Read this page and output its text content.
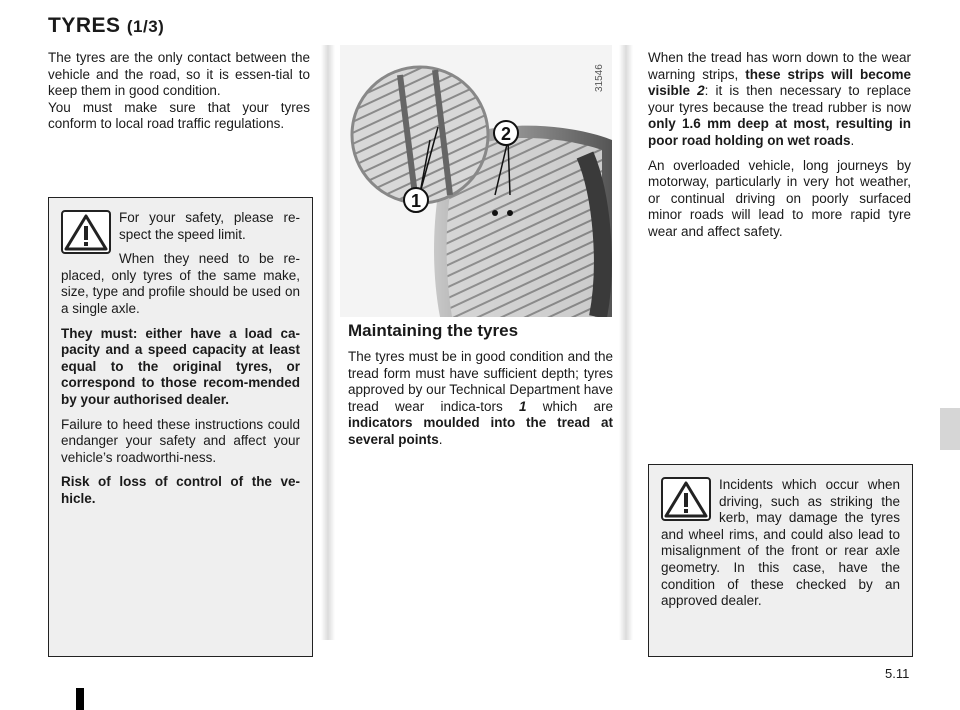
TYRES (1/3)

The tyres are the only contact between the vehicle and the road, so it is essen-tial to keep them in good condition.

You must make sure that your tyres conform to local road traffic regulations.

For your safety, please re-spect the speed limit.

When they need to be re-placed, only tyres of the same make, size, type and profile should be used on a single axle.

They must: either have a load ca-pacity and a speed capacity at least equal to the original tyres, or correspond to those recom-mended by your authorised dealer.

Failure to heed these instructions could endanger your safety and affect your vehicle’s roadworthi-ness.

Risk of loss of control of the ve-hicle.

2
1
31546
Maintaining the tyres

The tyres must be in good condition and the tread form must have sufficient depth; tyres approved by our Technical Department have tread wear indica-tors 1 which are indicators moulded into the tread at several points.

When the tread has worn down to the wear warning strips, these strips will become visible 2: it is then necessary to replace your tyres because the tread rubber is now only 1.6 mm deep at most, resulting in poor road holding on wet roads.

An overloaded vehicle, long journeys by motorway, particularly in very hot weather, or continual driving on poorly surfaced minor roads will lead to more rapid tyre wear and affect safety.

Incidents which occur when driving, such as striking the kerb, may damage the tyres and wheel rims, and could also lead to misalignment of the front or rear axle geometry. In this case, have the condition of these checked by an approved dealer.

5.11
